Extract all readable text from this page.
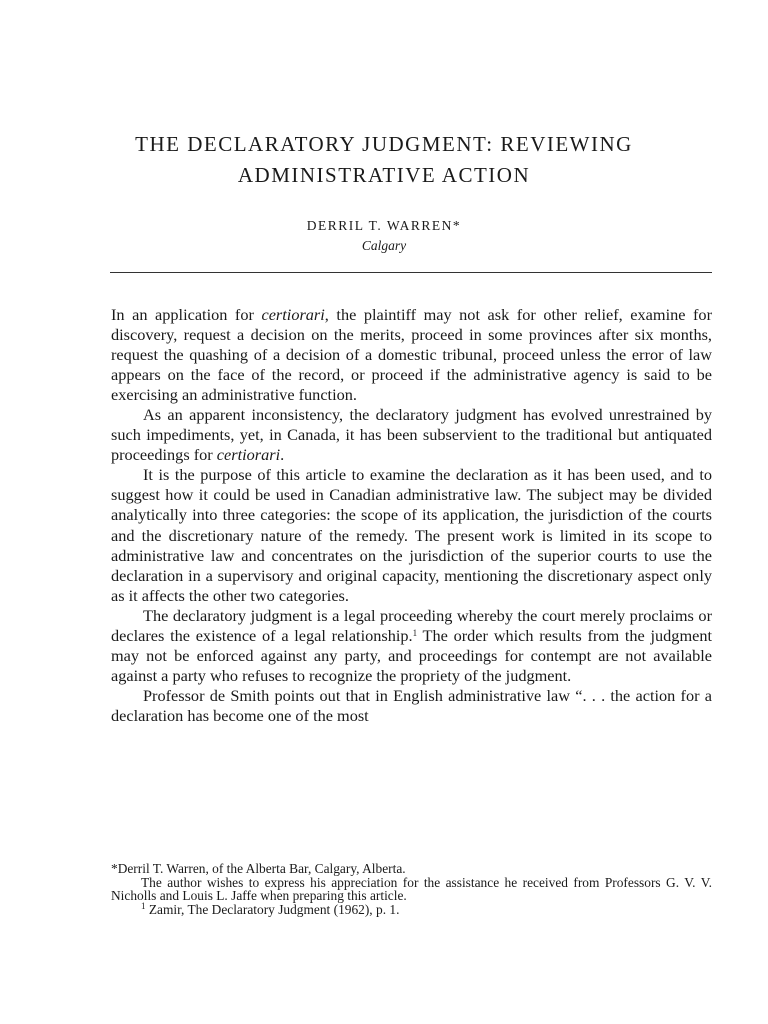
THE DECLARATORY JUDGMENT: REVIEWING
ADMINISTRATIVE ACTION
DERRIL T. WARREN*
Calgary

In an application for certiorari, the plaintiff may not ask for other relief, examine for discovery, request a decision on the merits, proceed in some provinces after six months, request the quashing of a decision of a domestic tribunal, proceed unless the error of law appears on the face of the record, or proceed if the administrative agency is said to be exercising an administrative function.

As an apparent inconsistency, the declaratory judgment has evolved unrestrained by such impediments, yet, in Canada, it has been subservient to the traditional but antiquated proceedings for certiorari.

It is the purpose of this article to examine the declaration as it has been used, and to suggest how it could be used in Canadian administrative law. The subject may be divided analytically into three categories: the scope of its application, the jurisdiction of the courts and the discretionary nature of the remedy. The present work is limited in its scope to administrative law and concentrates on the jurisdiction of the superior courts to use the declaration in a supervisory and original capacity, mentioning the discretionary aspect only as it affects the other two categories.

The declaratory judgment is a legal proceeding whereby the court merely proclaims or declares the existence of a legal relationship.$^1$ The order which results from the judgment may not be enforced against any party, and proceedings for contempt are not available against a party who refuses to recognize the propriety of the judgment.

Professor de Smith points out that in English administrative law “. . . the action for a declaration has become one of the most

*Derril T. Warren, of the Alberta Bar, Calgary, Alberta.

The author wishes to express his appreciation for the assistance he received from Professors G. V. V. Nicholls and Louis L. Jaffe when preparing this article.

$^1$ Zamir, The Declaratory Judgment (1962), p. 1.
